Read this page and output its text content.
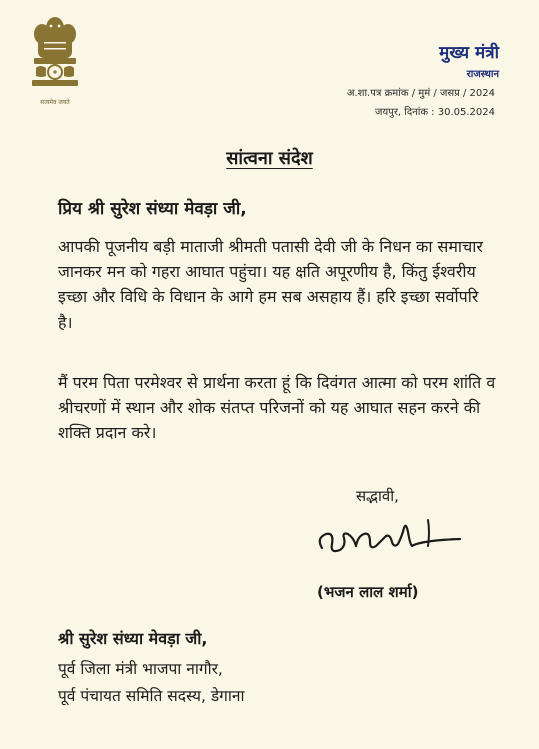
सत्यमेव जयते
मुख्य मंत्री
राजस्थान
अ.शा.पत्र क्रमांक / मुमं / जसप्र / 2024
जयपुर, दिनांक : 30.05.2024
सांत्वना संदेश
प्रिय श्री सुरेश संध्या मेवड़ा जी,
आपकी पूजनीय बड़ी माताजी श्रीमती पतासी देवी जी के निधन का समाचार जानकर मन को गहरा आघात पहुंचा। यह क्षति अपूरणीय है, किंतु ईश्वरीय इच्छा और विधि के विधान के आगे हम सब असहाय हैं। हरि इच्छा सर्वोपरि है।
मैं परम पिता परमेश्वर से प्रार्थना करता हूं कि दिवंगत आत्मा को परम शांति व श्रीचरणों में स्थान और शोक संतप्त परिजनों को यह आघात सहन करने की शक्ति प्रदान करे।
सद्भावी,
(भजन लाल शर्मा)
श्री सुरेश संध्या मेवड़ा जी,
पूर्व जिला मंत्री भाजपा नागौर,
पूर्व पंचायत समिति सदस्य, डेगाना
